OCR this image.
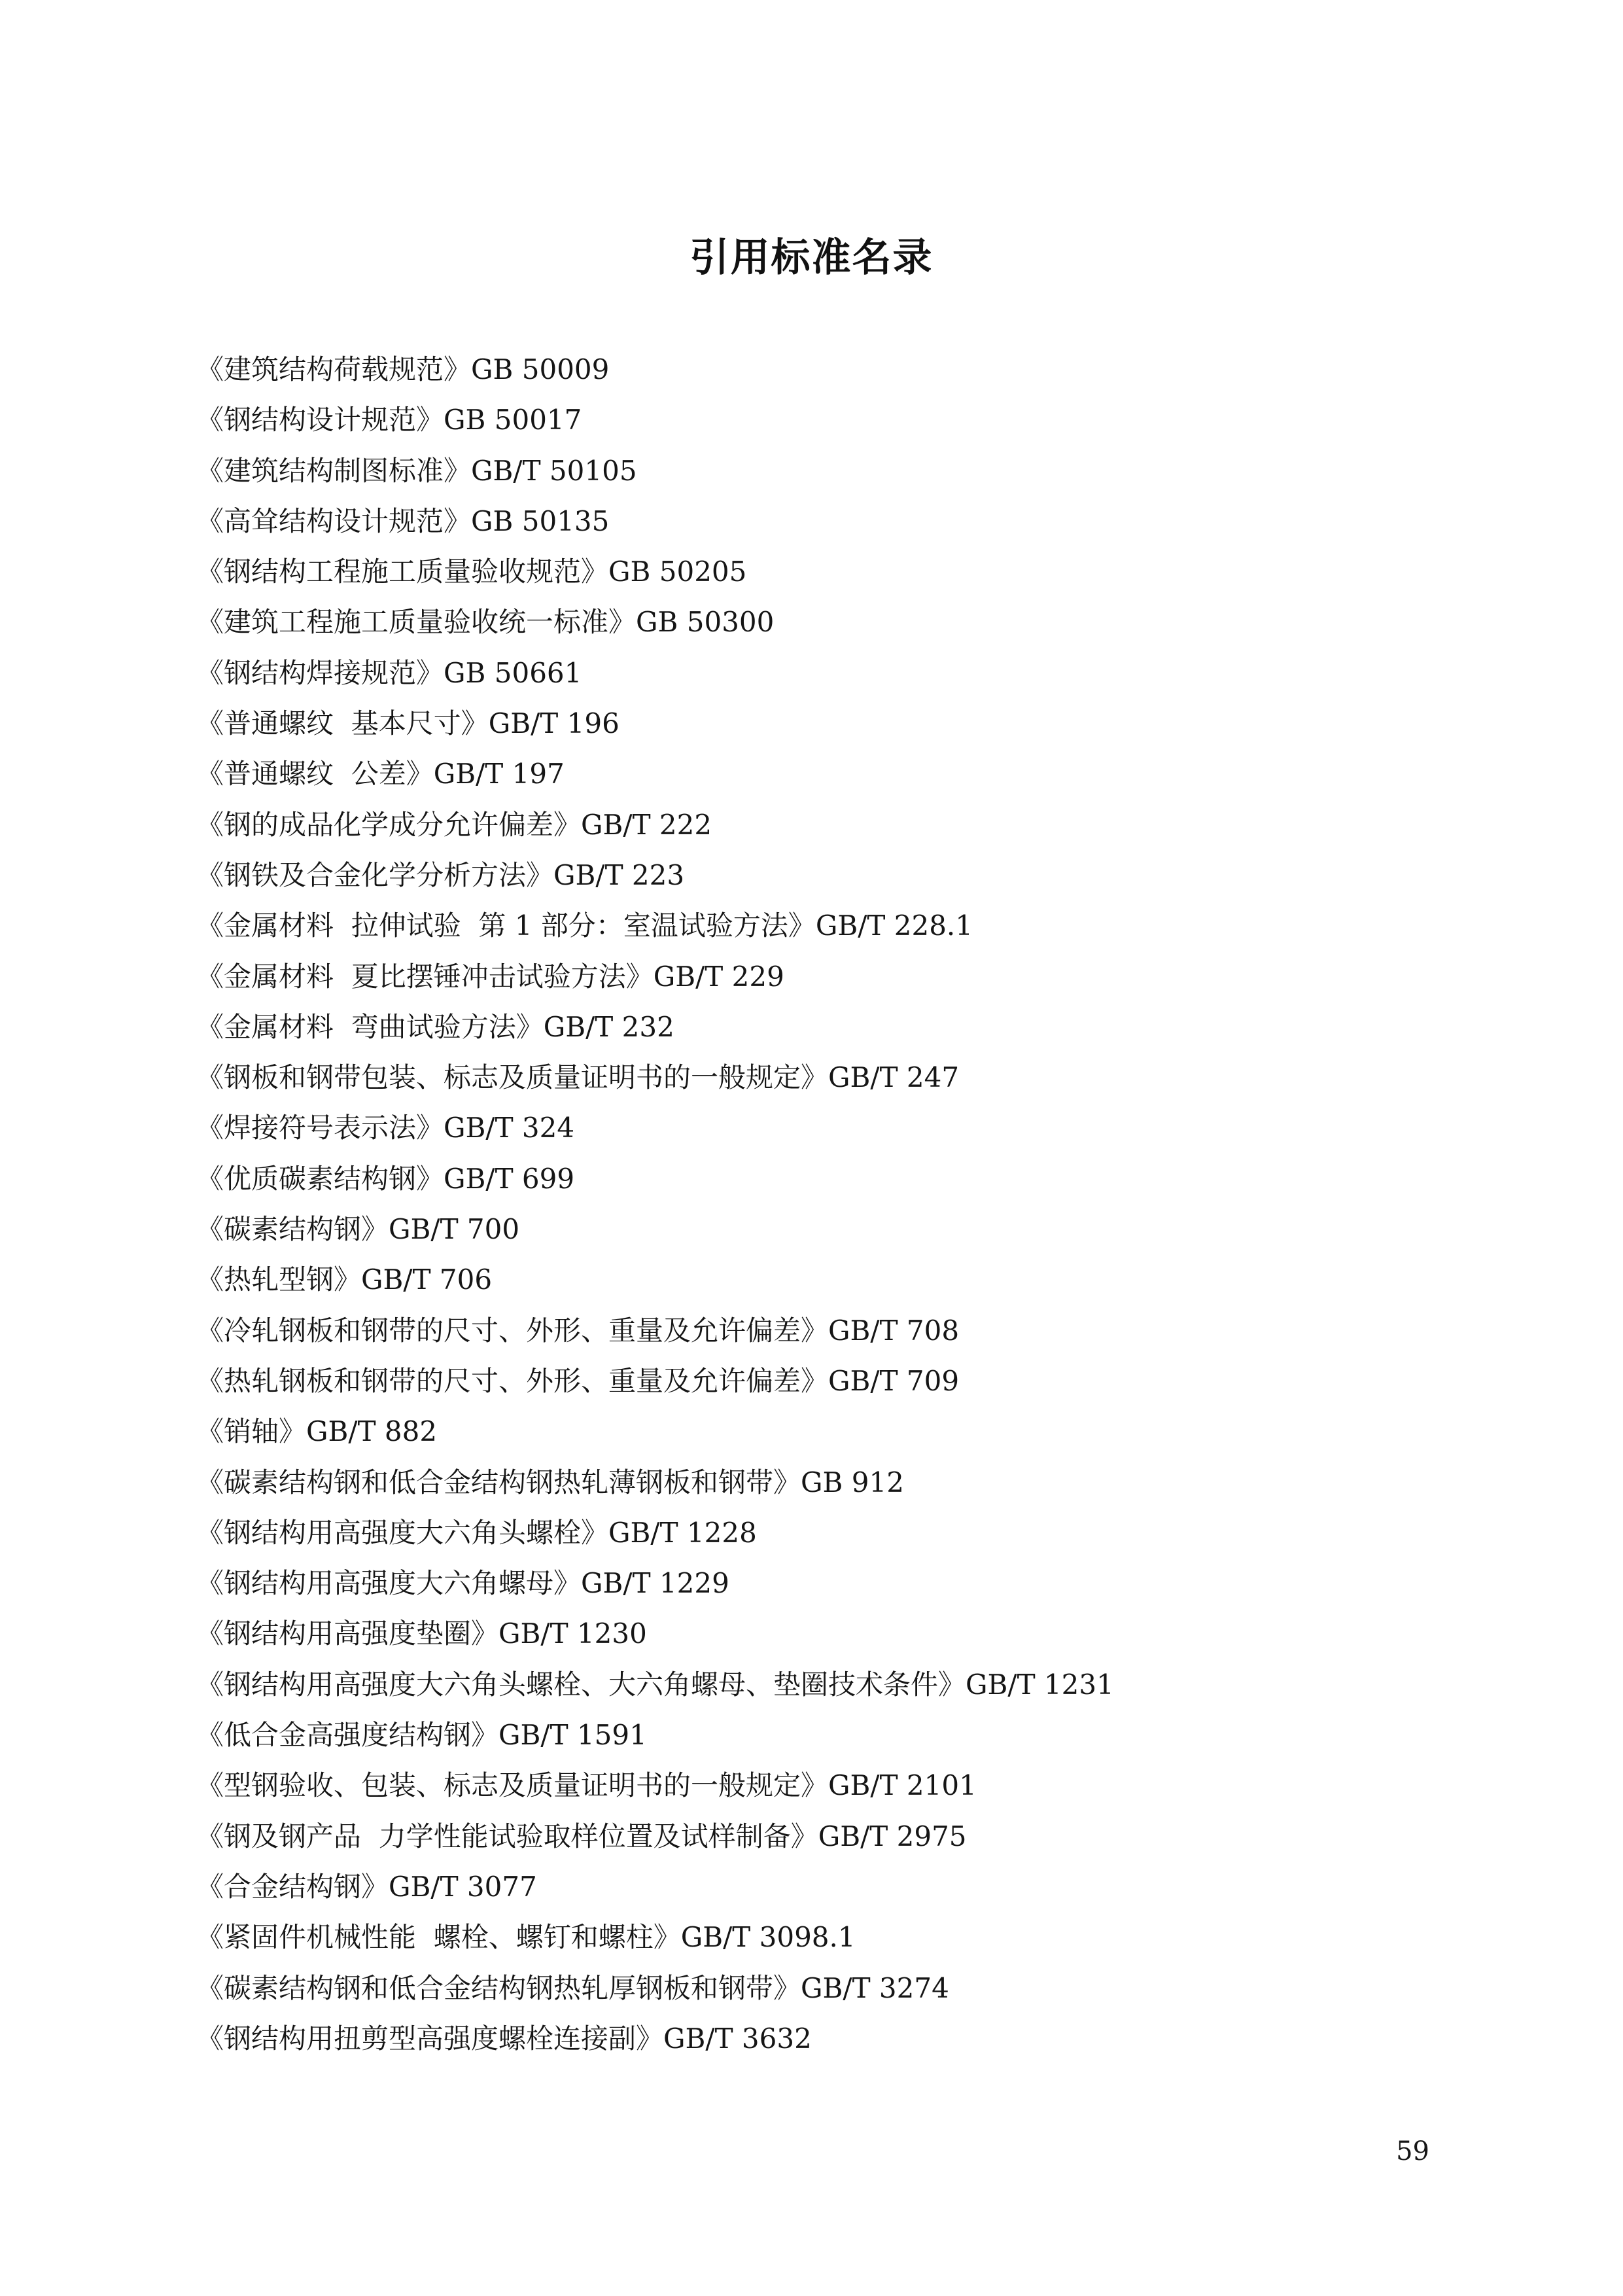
引用标准名录
《建筑结构荷载规范》GB 50009
《钢结构设计规范》GB 50017
《建筑结构制图标准》GB/T 50105
《高耸结构设计规范》GB 50135
《钢结构工程施工质量验收规范》GB 50205
《建筑工程施工质量验收统一标准》GB 50300
《钢结构焊接规范》GB 50661
《普通螺纹  基本尺寸》GB/T 196
《普通螺纹  公差》GB/T 197
《钢的成品化学成分允许偏差》GB/T 222
《钢铁及合金化学分析方法》GB/T 223
《金属材料  拉伸试验  第 1 部分：室温试验方法》GB/T 228.1
《金属材料  夏比摆锤冲击试验方法》GB/T 229
《金属材料  弯曲试验方法》GB/T 232
《钢板和钢带包装、标志及质量证明书的一般规定》GB/T 247
《焊接符号表示法》GB/T 324
《优质碳素结构钢》GB/T 699
《碳素结构钢》GB/T 700
《热轧型钢》GB/T 706
《冷轧钢板和钢带的尺寸、外形、重量及允许偏差》GB/T 708
《热轧钢板和钢带的尺寸、外形、重量及允许偏差》GB/T 709
《销轴》GB/T 882
《碳素结构钢和低合金结构钢热轧薄钢板和钢带》GB 912
《钢结构用高强度大六角头螺栓》GB/T 1228
《钢结构用高强度大六角螺母》GB/T 1229
《钢结构用高强度垫圈》GB/T 1230
《钢结构用高强度大六角头螺栓、大六角螺母、垫圈技术条件》GB/T 1231
《低合金高强度结构钢》GB/T 1591
《型钢验收、包装、标志及质量证明书的一般规定》GB/T 2101
《钢及钢产品  力学性能试验取样位置及试样制备》GB/T 2975
《合金结构钢》GB/T 3077
《紧固件机械性能  螺栓、螺钉和螺柱》GB/T 3098.1
《碳素结构钢和低合金结构钢热轧厚钢板和钢带》GB/T 3274
《钢结构用扭剪型高强度螺栓连接副》GB/T 3632
59
